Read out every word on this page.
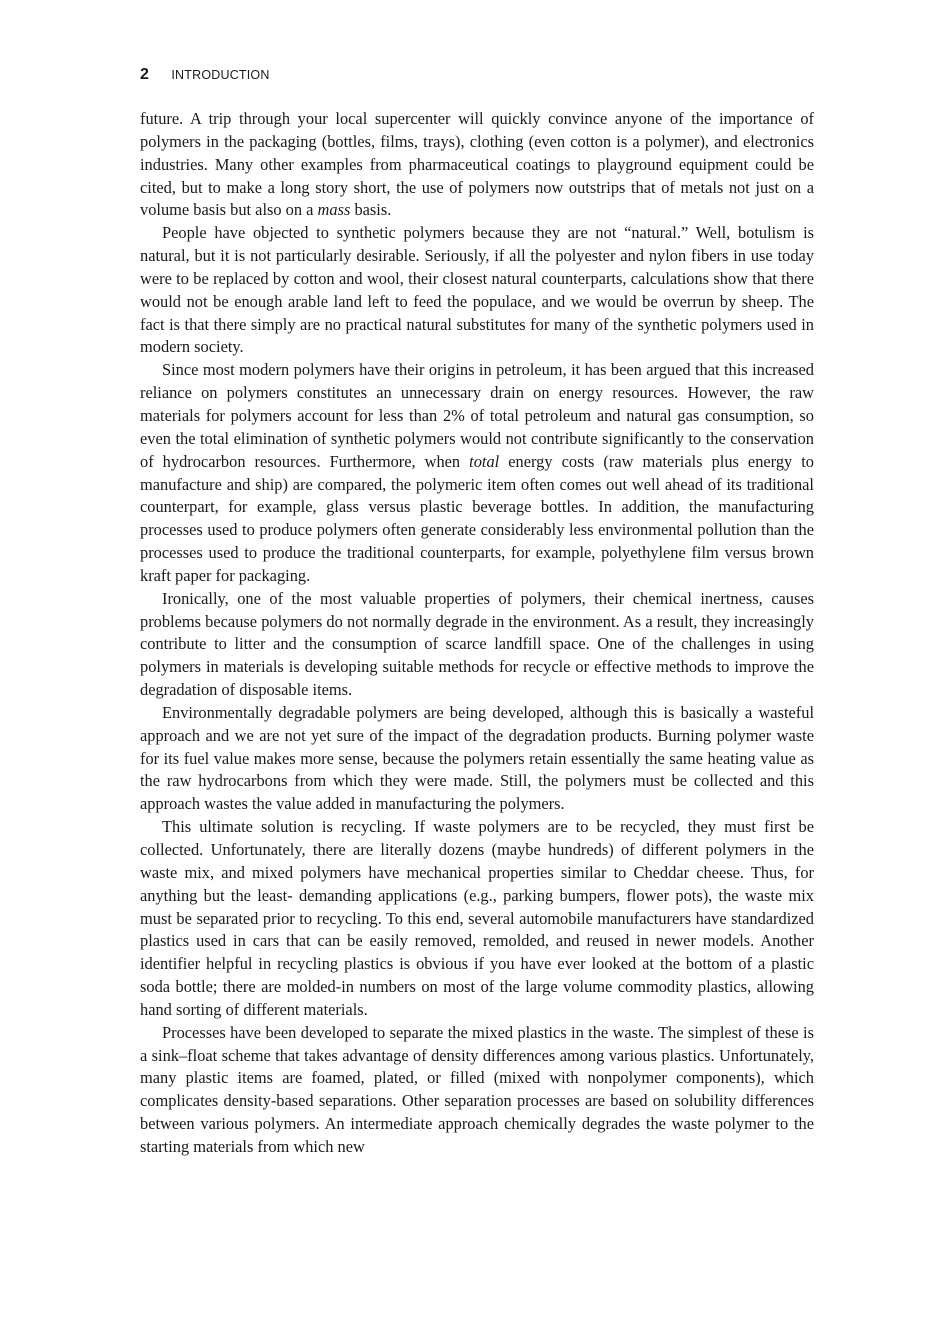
2 INTRODUCTION

future. A trip through your local supercenter will quickly convince anyone of the importance of polymers in the packaging (bottles, films, trays), clothing (even cotton is a polymer), and electronics industries. Many other examples from pharmaceutical coatings to playground equipment could be cited, but to make a long story short, the use of polymers now outstrips that of metals not just on a volume basis but also on a mass basis.

People have objected to synthetic polymers because they are not “natural.” Well, botulism is natural, but it is not particularly desirable. Seriously, if all the polyester and nylon fibers in use today were to be replaced by cotton and wool, their closest natural counterparts, calculations show that there would not be enough arable land left to feed the populace, and we would be overrun by sheep. The fact is that there simply are no practical natural substitutes for many of the synthetic polymers used in modern society.

Since most modern polymers have their origins in petroleum, it has been argued that this increased reliance on polymers constitutes an unnecessary drain on energy resources. However, the raw materials for polymers account for less than 2% of total petroleum and natural gas consumption, so even the total elimination of synthetic polymers would not contribute significantly to the conservation of hydrocarbon resources. Furthermore, when total energy costs (raw materials plus energy to manufacture and ship) are compared, the polymeric item often comes out well ahead of its traditional counterpart, for example, glass versus plastic beverage bottles. In addition, the manufacturing processes used to produce polymers often generate considerably less environmental pollution than the processes used to produce the traditional counterparts, for example, polyethylene film versus brown kraft paper for packaging.

Ironically, one of the most valuable properties of polymers, their chemical inertness, causes problems because polymers do not normally degrade in the environment. As a result, they increasingly contribute to litter and the consumption of scarce landfill space. One of the challenges in using polymers in materials is developing suitable methods for recycle or effective methods to improve the degradation of disposable items.

Environmentally degradable polymers are being developed, although this is basically a wasteful approach and we are not yet sure of the impact of the degradation products. Burning polymer waste for its fuel value makes more sense, because the polymers retain essentially the same heating value as the raw hydrocarbons from which they were made. Still, the polymers must be collected and this approach wastes the value added in manufacturing the polymers.

This ultimate solution is recycling. If waste polymers are to be recycled, they must first be collected. Unfortunately, there are literally dozens (maybe hundreds) of different polymers in the waste mix, and mixed polymers have mechanical properties similar to Cheddar cheese. Thus, for anything but the least- demanding applications (e.g., parking bumpers, flower pots), the waste mix must be separated prior to recycling. To this end, several automobile manufacturers have standardized plastics used in cars that can be easily removed, remolded, and reused in newer models. Another identifier helpful in recycling plastics is obvious if you have ever looked at the bottom of a plastic soda bottle; there are molded-in numbers on most of the large volume commodity plastics, allowing hand sorting of different materials.

Processes have been developed to separate the mixed plastics in the waste. The simplest of these is a sink–float scheme that takes advantage of density differences among various plastics. Unfortunately, many plastic items are foamed, plated, or filled (mixed with nonpolymer components), which complicates density-based separations. Other separation processes are based on solubility differences between various polymers. An intermediate approach chemically degrades the waste polymer to the starting materials from which new
